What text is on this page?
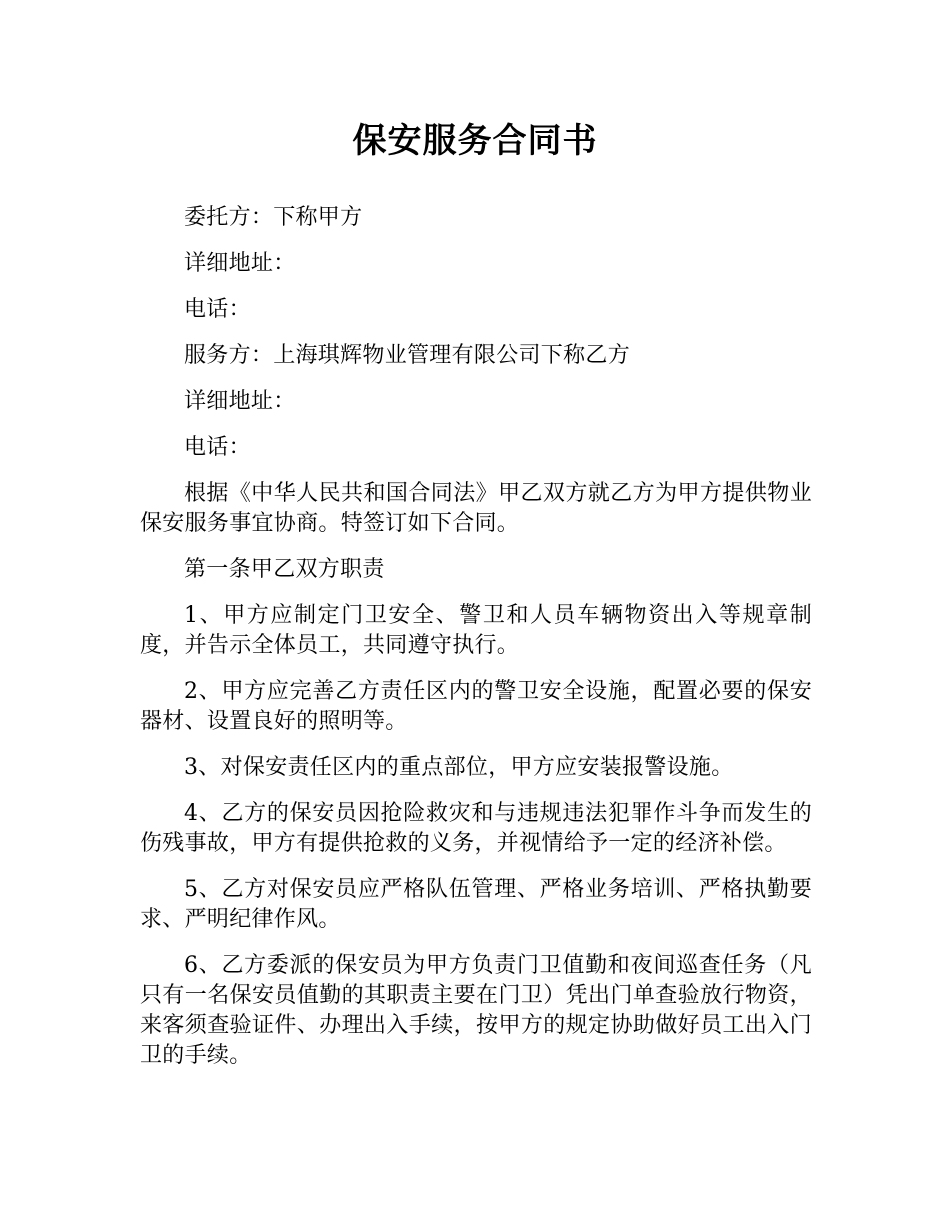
保安服务合同书

委托方：下称甲方

详细地址：

电话：

服务方：上海琪辉物业管理有限公司下称乙方

详细地址：

电话：

根据《中华人民共和国合同法》甲乙双方就乙方为甲方提供物业保安服务事宜协商。特签订如下合同。

第一条甲乙双方职责

1、甲方应制定门卫安全、警卫和人员车辆物资出入等规章制度，并告示全体员工，共同遵守执行。

2、甲方应完善乙方责任区内的警卫安全设施，配置必要的保安器材、设置良好的照明等。

3、对保安责任区内的重点部位，甲方应安装报警设施。

4、乙方的保安员因抢险救灾和与违规违法犯罪作斗争而发生的伤残事故，甲方有提供抢救的义务，并视情给予一定的经济补偿。

5、乙方对保安员应严格队伍管理、严格业务培训、严格执勤要求、严明纪律作风。

6、乙方委派的保安员为甲方负责门卫值勤和夜间巡查任务（凡只有一名保安员值勤的其职责主要在门卫）凭出门单查验放行物资，来客须查验证件、办理出入手续，按甲方的规定协助做好员工出入门卫的手续。
